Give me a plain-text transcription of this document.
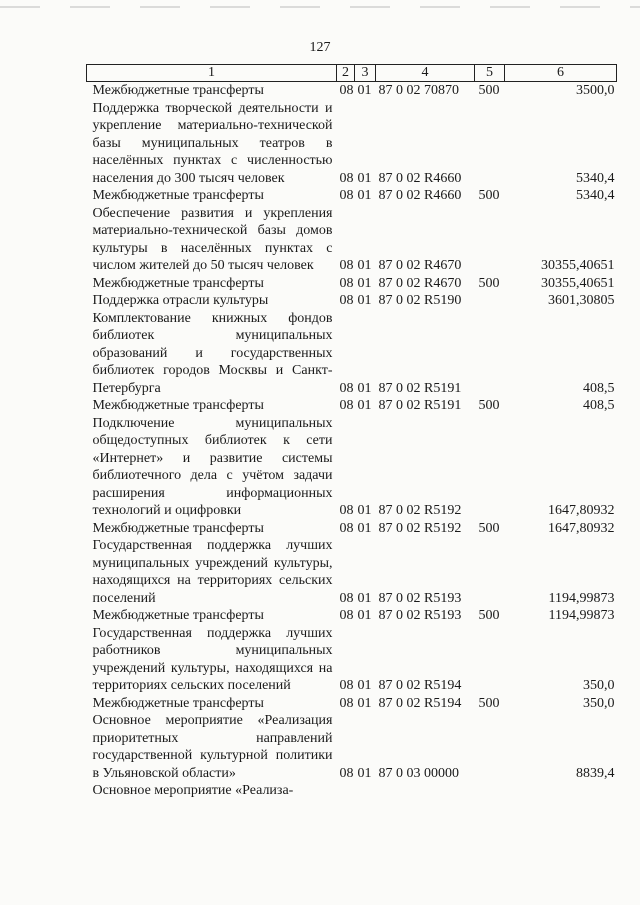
127
1	2	3	4	5	6
Межбюджетные трансферты	08	01	87 0 02 70870	500	3500,0
Поддержка творческой деятельности и укрепление материально-технической базы муниципальных театров в населённых пунктах с численностью населения до 300 тысяч человек	08	01	87 0 02 R4660		5340,4
Межбюджетные трансферты	08	01	87 0 02 R4660	500	5340,4
Обеспечение развития и укрепления материально-технической базы домов культуры в населённых пунктах с числом жителей до 50 тысяч человек	08	01	87 0 02 R4670		30355,40651
Межбюджетные трансферты	08	01	87 0 02 R4670	500	30355,40651
Поддержка отрасли культуры	08	01	87 0 02 R5190		3601,30805
Комплектование книжных фондов библиотек муниципальных образований и государственных библиотек городов Москвы и Санкт-Петербурга	08	01	87 0 02 R5191		408,5
Межбюджетные трансферты	08	01	87 0 02 R5191	500	408,5
Подключение муниципальных общедоступных библиотек к сети «Интернет» и развитие системы библиотечного дела с учётом задачи расширения информационных технологий и оцифровки	08	01	87 0 02 R5192		1647,80932
Межбюджетные трансферты	08	01	87 0 02 R5192	500	1647,80932
Государственная поддержка лучших муниципальных учреждений культуры, находящихся на территориях сельских поселений	08	01	87 0 02 R5193		1194,99873
Межбюджетные трансферты	08	01	87 0 02 R5193	500	1194,99873
Государственная поддержка лучших работников муниципальных учреждений культуры, находящихся на территориях сельских поселений	08	01	87 0 02 R5194		350,0
Межбюджетные трансферты	08	01	87 0 02 R5194	500	350,0
Основное мероприятие «Реализация приоритетных направлений государственной культурной политики в Ульяновской области»	08	01	87 0 03 00000		8839,4
Основное мероприятие «Реализа-					
